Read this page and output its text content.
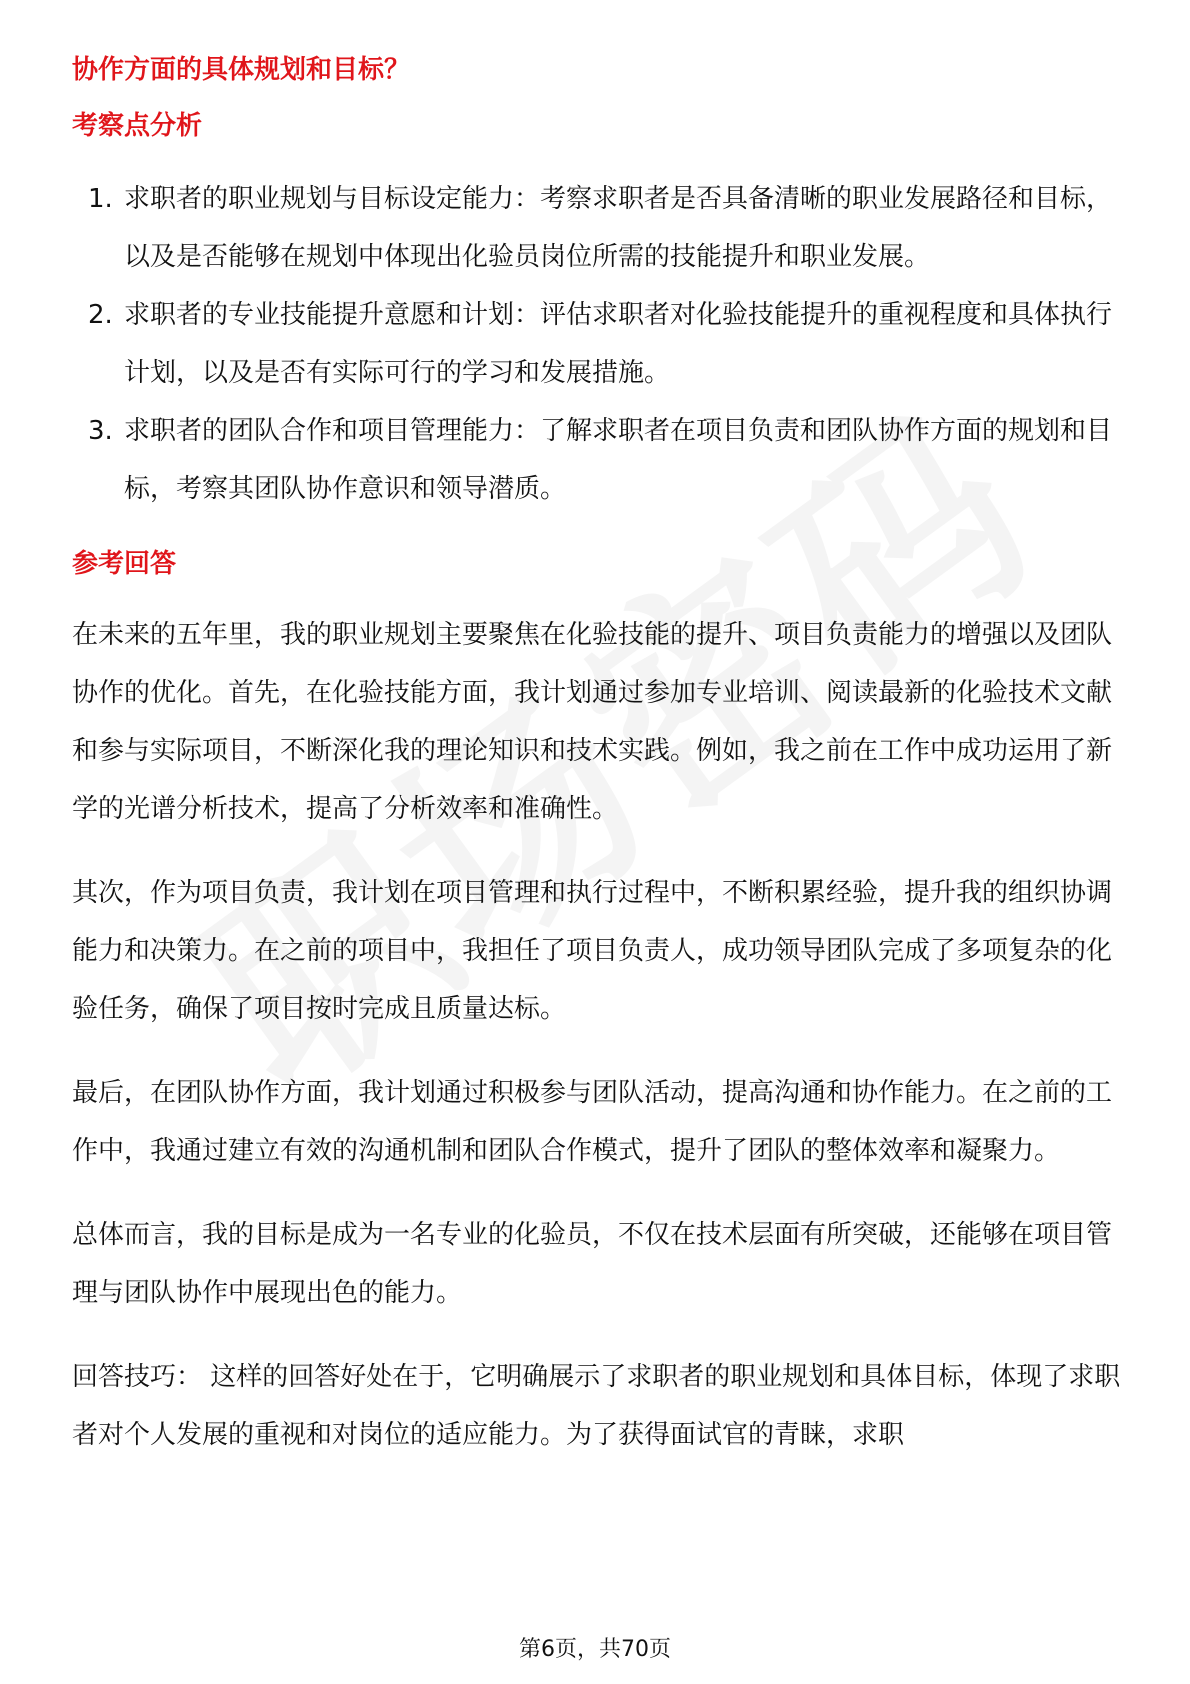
协作方面的具体规划和目标？
考察点分析
1. 求职者的职业规划与目标设定能力：考察求职者是否具备清晰的职业发展路径和目标，以及是否能够在规划中体现出化验员岗位所需的技能提升和职业发展。
2. 求职者的专业技能提升意愿和计划：评估求职者对化验技能提升的重视程度和具体执行计划，以及是否有实际可行的学习和发展措施。
3. 求职者的团队合作和项目管理能力：了解求职者在项目负责和团队协作方面的规划和目标，考察其团队协作意识和领导潜质。
参考回答

在未来的五年里，我的职业规划主要聚焦在化验技能的提升、项目负责能力的增强以及团队协作的优化。首先，在化验技能方面，我计划通过参加专业培训、阅读最新的化验技术文献和参与实际项目，不断深化我的理论知识和技术实践。例如，我之前在工作中成功运用了新学的光谱分析技术，提高了分析效率和准确性。

其次，作为项目负责，我计划在项目管理和执行过程中，不断积累经验，提升我的组织协调能力和决策力。在之前的项目中，我担任了项目负责人，成功领导团队完成了多项复杂的化验任务，确保了项目按时完成且质量达标。

最后，在团队协作方面，我计划通过积极参与团队活动，提高沟通和协作能力。在之前的工作中，我通过建立有效的沟通机制和团队合作模式，提升了团队的整体效率和凝聚力。

总体而言，我的目标是成为一名专业的化验员，不仅在技术层面有所突破，还能够在项目管理与团队协作中展现出色的能力。

回答技巧： 这样的回答好处在于，它明确展示了求职者的职业规划和具体目标，体现了求职者对个人发展的重视和对岗位的适应能力。为了获得面试官的青睐，求职

第6页，共70页
